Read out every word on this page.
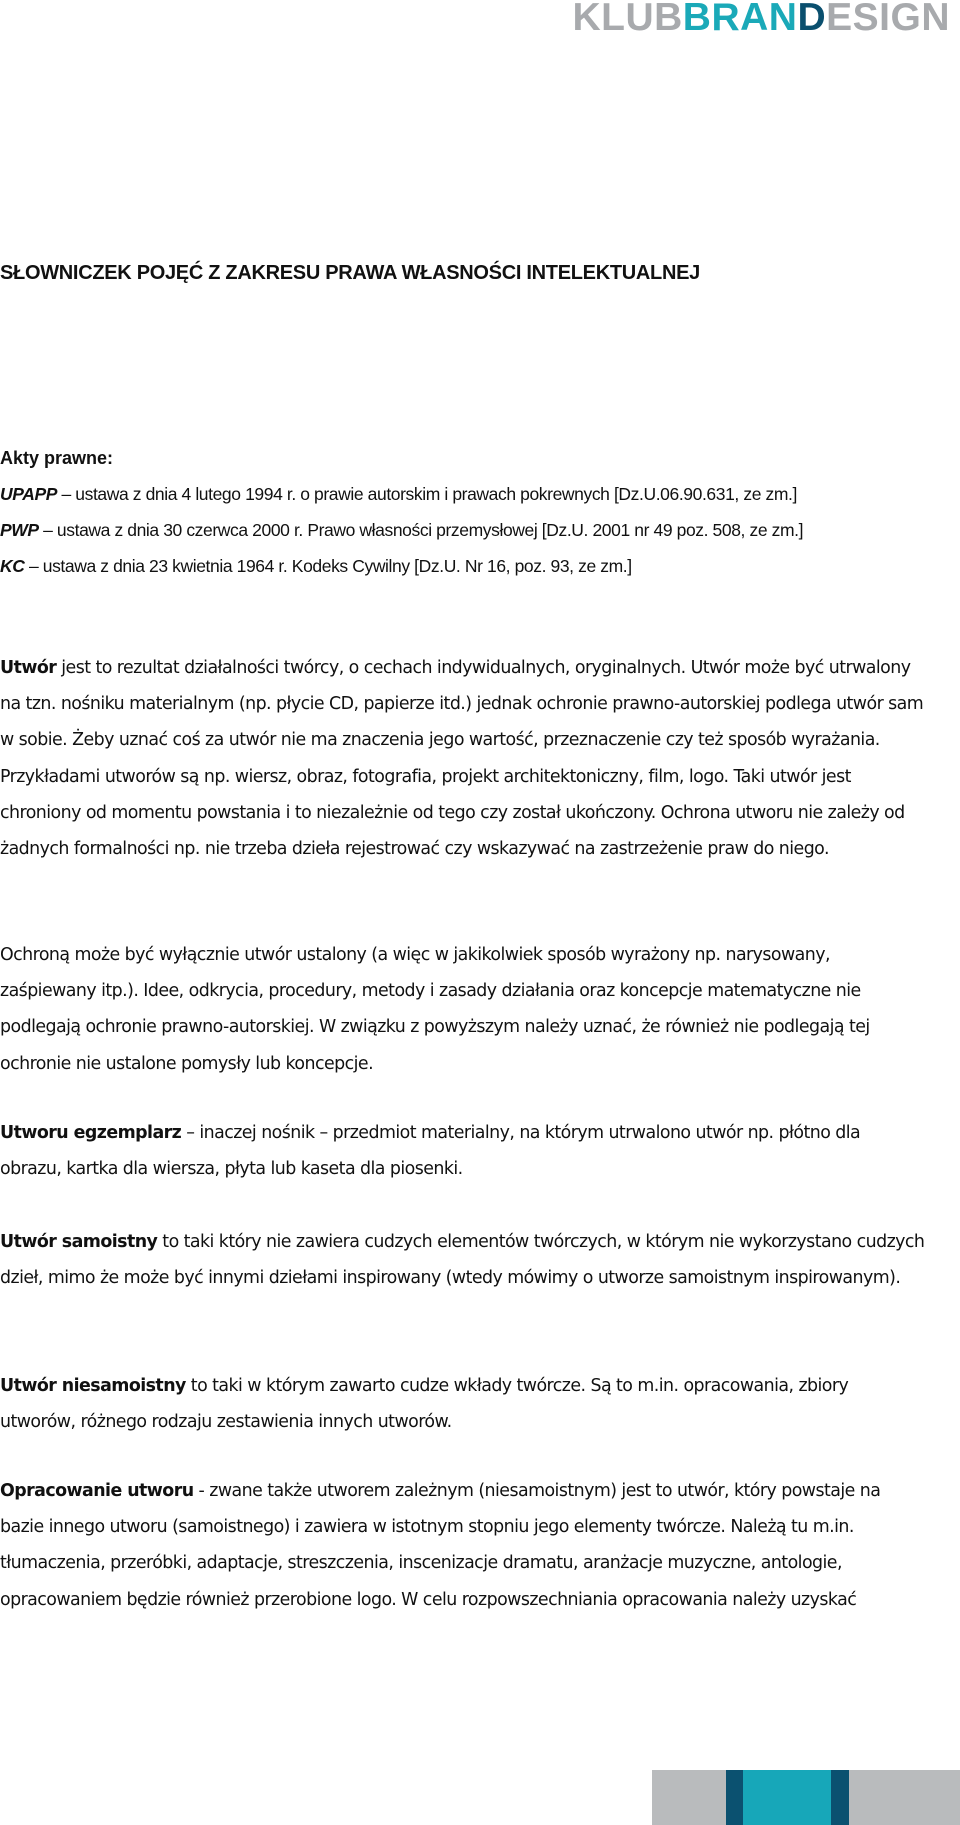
KLUBBRANDESIGN
SŁOWNICZEK POJĘĆ Z ZAKRESU PRAWA WŁASNOŚCI INTELEKTUALNEJ
Akty prawne:
UPAPP – ustawa z dnia 4 lutego 1994 r. o prawie autorskim i prawach pokrewnych [Dz.U.06.90.631, ze zm.]
PWP – ustawa z dnia 30 czerwca 2000 r. Prawo własności przemysłowej [Dz.U. 2001 nr 49 poz. 508, ze zm.]
KC – ustawa z dnia 23 kwietnia 1964 r. Kodeks Cywilny [Dz.U. Nr 16, poz. 93, ze zm.]

Utwór jest to rezultat działalności twórcy, o cechach indywidualnych, oryginalnych. Utwór może być utrwalony na tzn. nośniku materialnym (np. płycie CD, papierze itd.) jednak ochronie prawno-autorskiej podlega utwór sam w sobie. Żeby uznać coś za utwór nie ma znaczenia jego wartość, przeznaczenie czy też sposób wyrażania. Przykładami utworów są np. wiersz, obraz, fotografia, projekt architektoniczny, film, logo. Taki utwór jest chroniony od momentu powstania i to niezależnie od tego czy został ukończony. Ochrona utworu nie zależy od żadnych formalności np. nie trzeba dzieła rejestrować czy wskazywać na zastrzeżenie praw do niego.

Ochroną może być wyłącznie utwór ustalony (a więc w jakikolwiek sposób wyrażony np. narysowany, zaśpiewany itp.). Idee, odkrycia, procedury, metody i zasady działania oraz koncepcje matematyczne nie podlegają ochronie prawno-autorskiej. W związku z powyższym należy uznać, że również nie podlegają tej ochronie nie ustalone pomysły lub koncepcje.

Utworu egzemplarz – inaczej nośnik – przedmiot materialny, na którym utrwalono utwór np. płótno dla obrazu, kartka dla wiersza, płyta lub kaseta dla piosenki.

Utwór samoistny to taki który nie zawiera cudzych elementów twórczych, w którym nie wykorzystano cudzych dzieł, mimo że może być innymi dziełami inspirowany (wtedy mówimy o utworze samoistnym inspirowanym).

Utwór niesamoistny to taki w którym zawarto cudze wkłady twórcze. Są to m.in. opracowania, zbiory utworów, różnego rodzaju zestawienia innych utworów.

Opracowanie utworu - zwane także utworem zależnym (niesamoistnym) jest to utwór, który powstaje na bazie innego utworu (samoistnego) i zawiera w istotnym stopniu jego elementy twórcze. Należą tu m.in. tłumaczenia, przeróbki, adaptacje, streszczenia, inscenizacje dramatu, aranżacje muzyczne, antologie, opracowaniem będzie również przerobione logo. W celu rozpowszechniania opracowania należy uzyskać
